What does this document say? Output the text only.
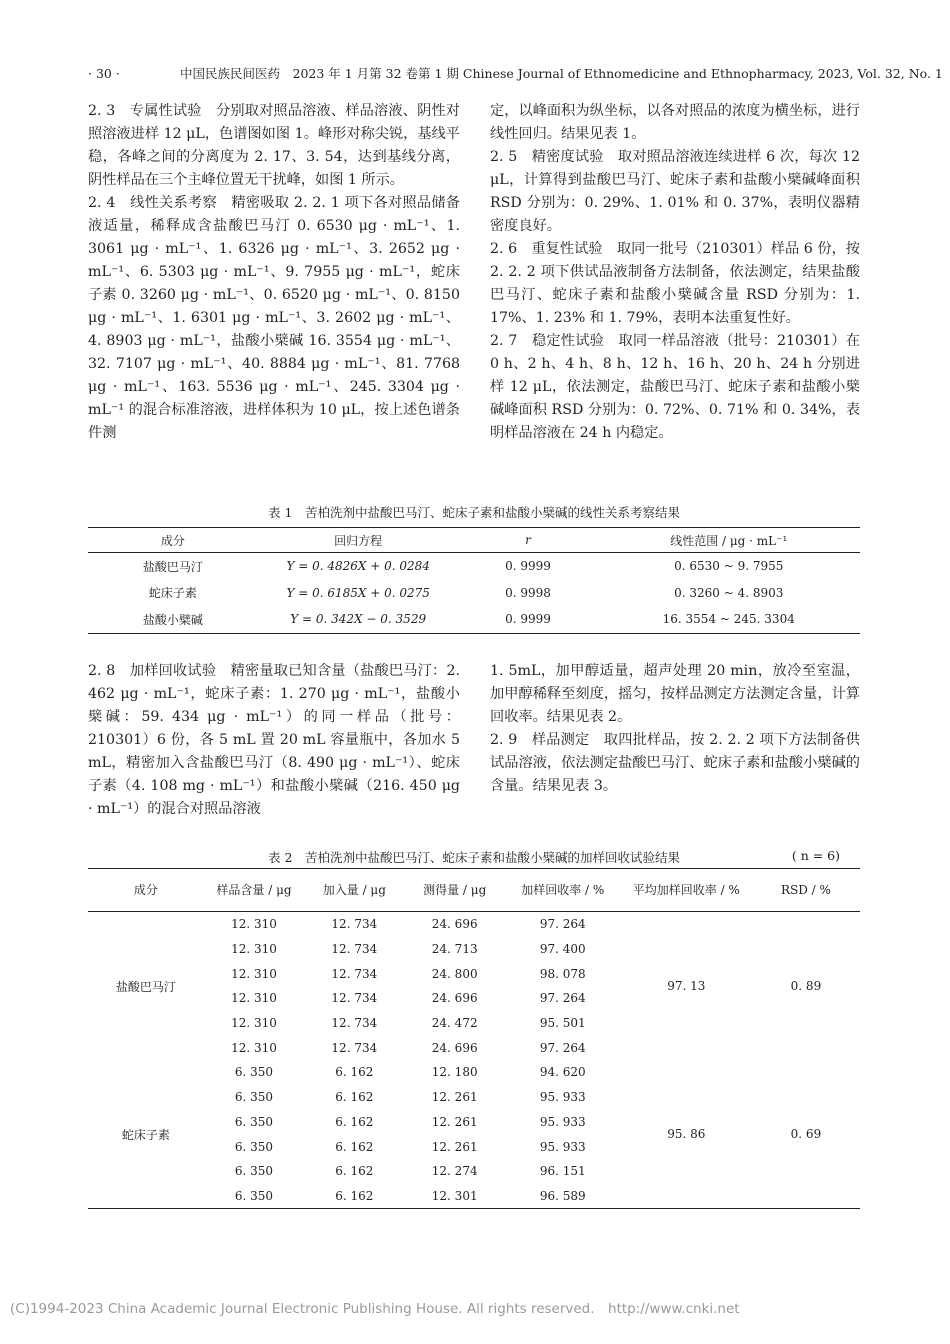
· 30 ·	中国民族民间医药　2023 年 1 月第 32 卷第 1 期 Chinese Journal of Ethnomedicine and Ethnopharmacy, 2023, Vol. 32, No. 1

2. 3　专属性试验　分别取对照品溶液、样品溶液、阴性对照溶液进样 12 μL，色谱图如图 1。峰形对称尖锐，基线平稳，各峰之间的分离度为 2. 17、3. 54，达到基线分离，阴性样品在三个主峰位置无干扰峰，如图 1 所示。

2. 4　线性关系考察　精密吸取 2. 2. 1 项下各对照品储备液适量，稀释成含盐酸巴马汀 0. 6530 μg · mL⁻¹、1. 3061 μg · mL⁻¹、1. 6326 μg · mL⁻¹、3. 2652 μg · mL⁻¹、6. 5303 μg · mL⁻¹、9. 7955 μg · mL⁻¹，蛇床子素 0. 3260 μg · mL⁻¹、0. 6520 μg · mL⁻¹、0. 8150 μg · mL⁻¹、1. 6301 μg · mL⁻¹、3. 2602 μg · mL⁻¹、4. 8903 μg · mL⁻¹，盐酸小檗碱 16. 3554 μg · mL⁻¹、32. 7107 μg · mL⁻¹、40. 8884 μg · mL⁻¹、81. 7768 μg · mL⁻¹、163. 5536 μg · mL⁻¹、245. 3304 μg · mL⁻¹ 的混合标准溶液，进样体积为 10 μL，按上述色谱条件测

定，以峰面积为纵坐标，以各对照品的浓度为横坐标，进行线性回归。结果见表 1。

2. 5　精密度试验　取对照品溶液连续进样 6 次，每次 12 μL，计算得到盐酸巴马汀、蛇床子素和盐酸小檗碱峰面积 RSD 分别为：0. 29%、1. 01% 和 0. 37%，表明仪器精密度良好。

2. 6　重复性试验　取同一批号（210301）样品 6 份，按 2. 2. 2 项下供试品液制备方法制备，依法测定，结果盐酸巴马汀、蛇床子素和盐酸小檗碱含量 RSD 分别为：1. 17%、1. 23% 和 1. 79%，表明本法重复性好。

2. 7　稳定性试验　取同一样品溶液（批号：210301）在 0 h、2 h、4 h、8 h、12 h、16 h、20 h、24 h 分别进样 12 μL，依法测定，盐酸巴马汀、蛇床子素和盐酸小檗碱峰面积 RSD 分别为：0. 72%、0. 71% 和 0. 34%，表明样品溶液在 24 h 内稳定。

表 1　苦柏洗剂中盐酸巴马汀、蛇床子素和盐酸小檗碱的线性关系考察结果
成分	回归方程	r	线性范围 / μg · mL⁻¹
盐酸巴马汀	Y = 0. 4826X + 0. 0284	0. 9999	0. 6530 ~ 9. 7955
蛇床子素	Y = 0. 6185X + 0. 0275	0. 9998	0. 3260 ~ 4. 8903
盐酸小檗碱	Y = 0. 342X − 0. 3529	0. 9999	16. 3554 ~ 245. 3304

2. 8　加样回收试验　精密量取已知含量（盐酸巴马汀：2. 462 μg · mL⁻¹，蛇床子素：1. 270 μg · mL⁻¹，盐酸小檗碱：59. 434 μg · mL⁻¹）的同一样品（批号：210301）6 份，各 5 mL 置 20 mL 容量瓶中，各加水 5 mL，精密加入含盐酸巴马汀（8. 490 μg · mL⁻¹）、蛇床子素（4. 108 mg · mL⁻¹）和盐酸小檗碱（216. 450 μg · mL⁻¹）的混合对照品溶液

1. 5mL，加甲醇适量，超声处理 20 min，放冷至室温，加甲醇稀释至刻度，摇匀，按样品测定方法测定含量，计算回收率。结果见表 2。

2. 9　样品测定　取四批样品，按 2. 2. 2 项下方法制备供试品溶液，依法测定盐酸巴马汀、蛇床子素和盐酸小檗碱的含量。结果见表 3。

表 2　苦柏洗剂中盐酸巴马汀、蛇床子素和盐酸小檗碱的加样回收试验结果	( n = 6)
成分	样品含量 / μg	加入量 / μg	测得量 / μg	加样回收率 / %	平均加样回收率 / %	RSD / %
盐酸巴马汀	12. 310	12. 734	24. 696	97. 264	97. 13	0. 89
	12. 310	12. 734	24. 713	97. 400		
	12. 310	12. 734	24. 800	98. 078		
	12. 310	12. 734	24. 696	97. 264		
	12. 310	12. 734	24. 472	95. 501		
	12. 310	12. 734	24. 696	97. 264		
蛇床子素	6. 350	6. 162	12. 180	94. 620	95. 86	0. 69
	6. 350	6. 162	12. 261	95. 933		
	6. 350	6. 162	12. 261	95. 933		
	6. 350	6. 162	12. 261	95. 933		
	6. 350	6. 162	12. 274	96. 151		
	6. 350	6. 162	12. 301	96. 589		
(C)1994-2023 China Academic Journal Electronic Publishing House. All rights reserved.　http://www.cnki.net
